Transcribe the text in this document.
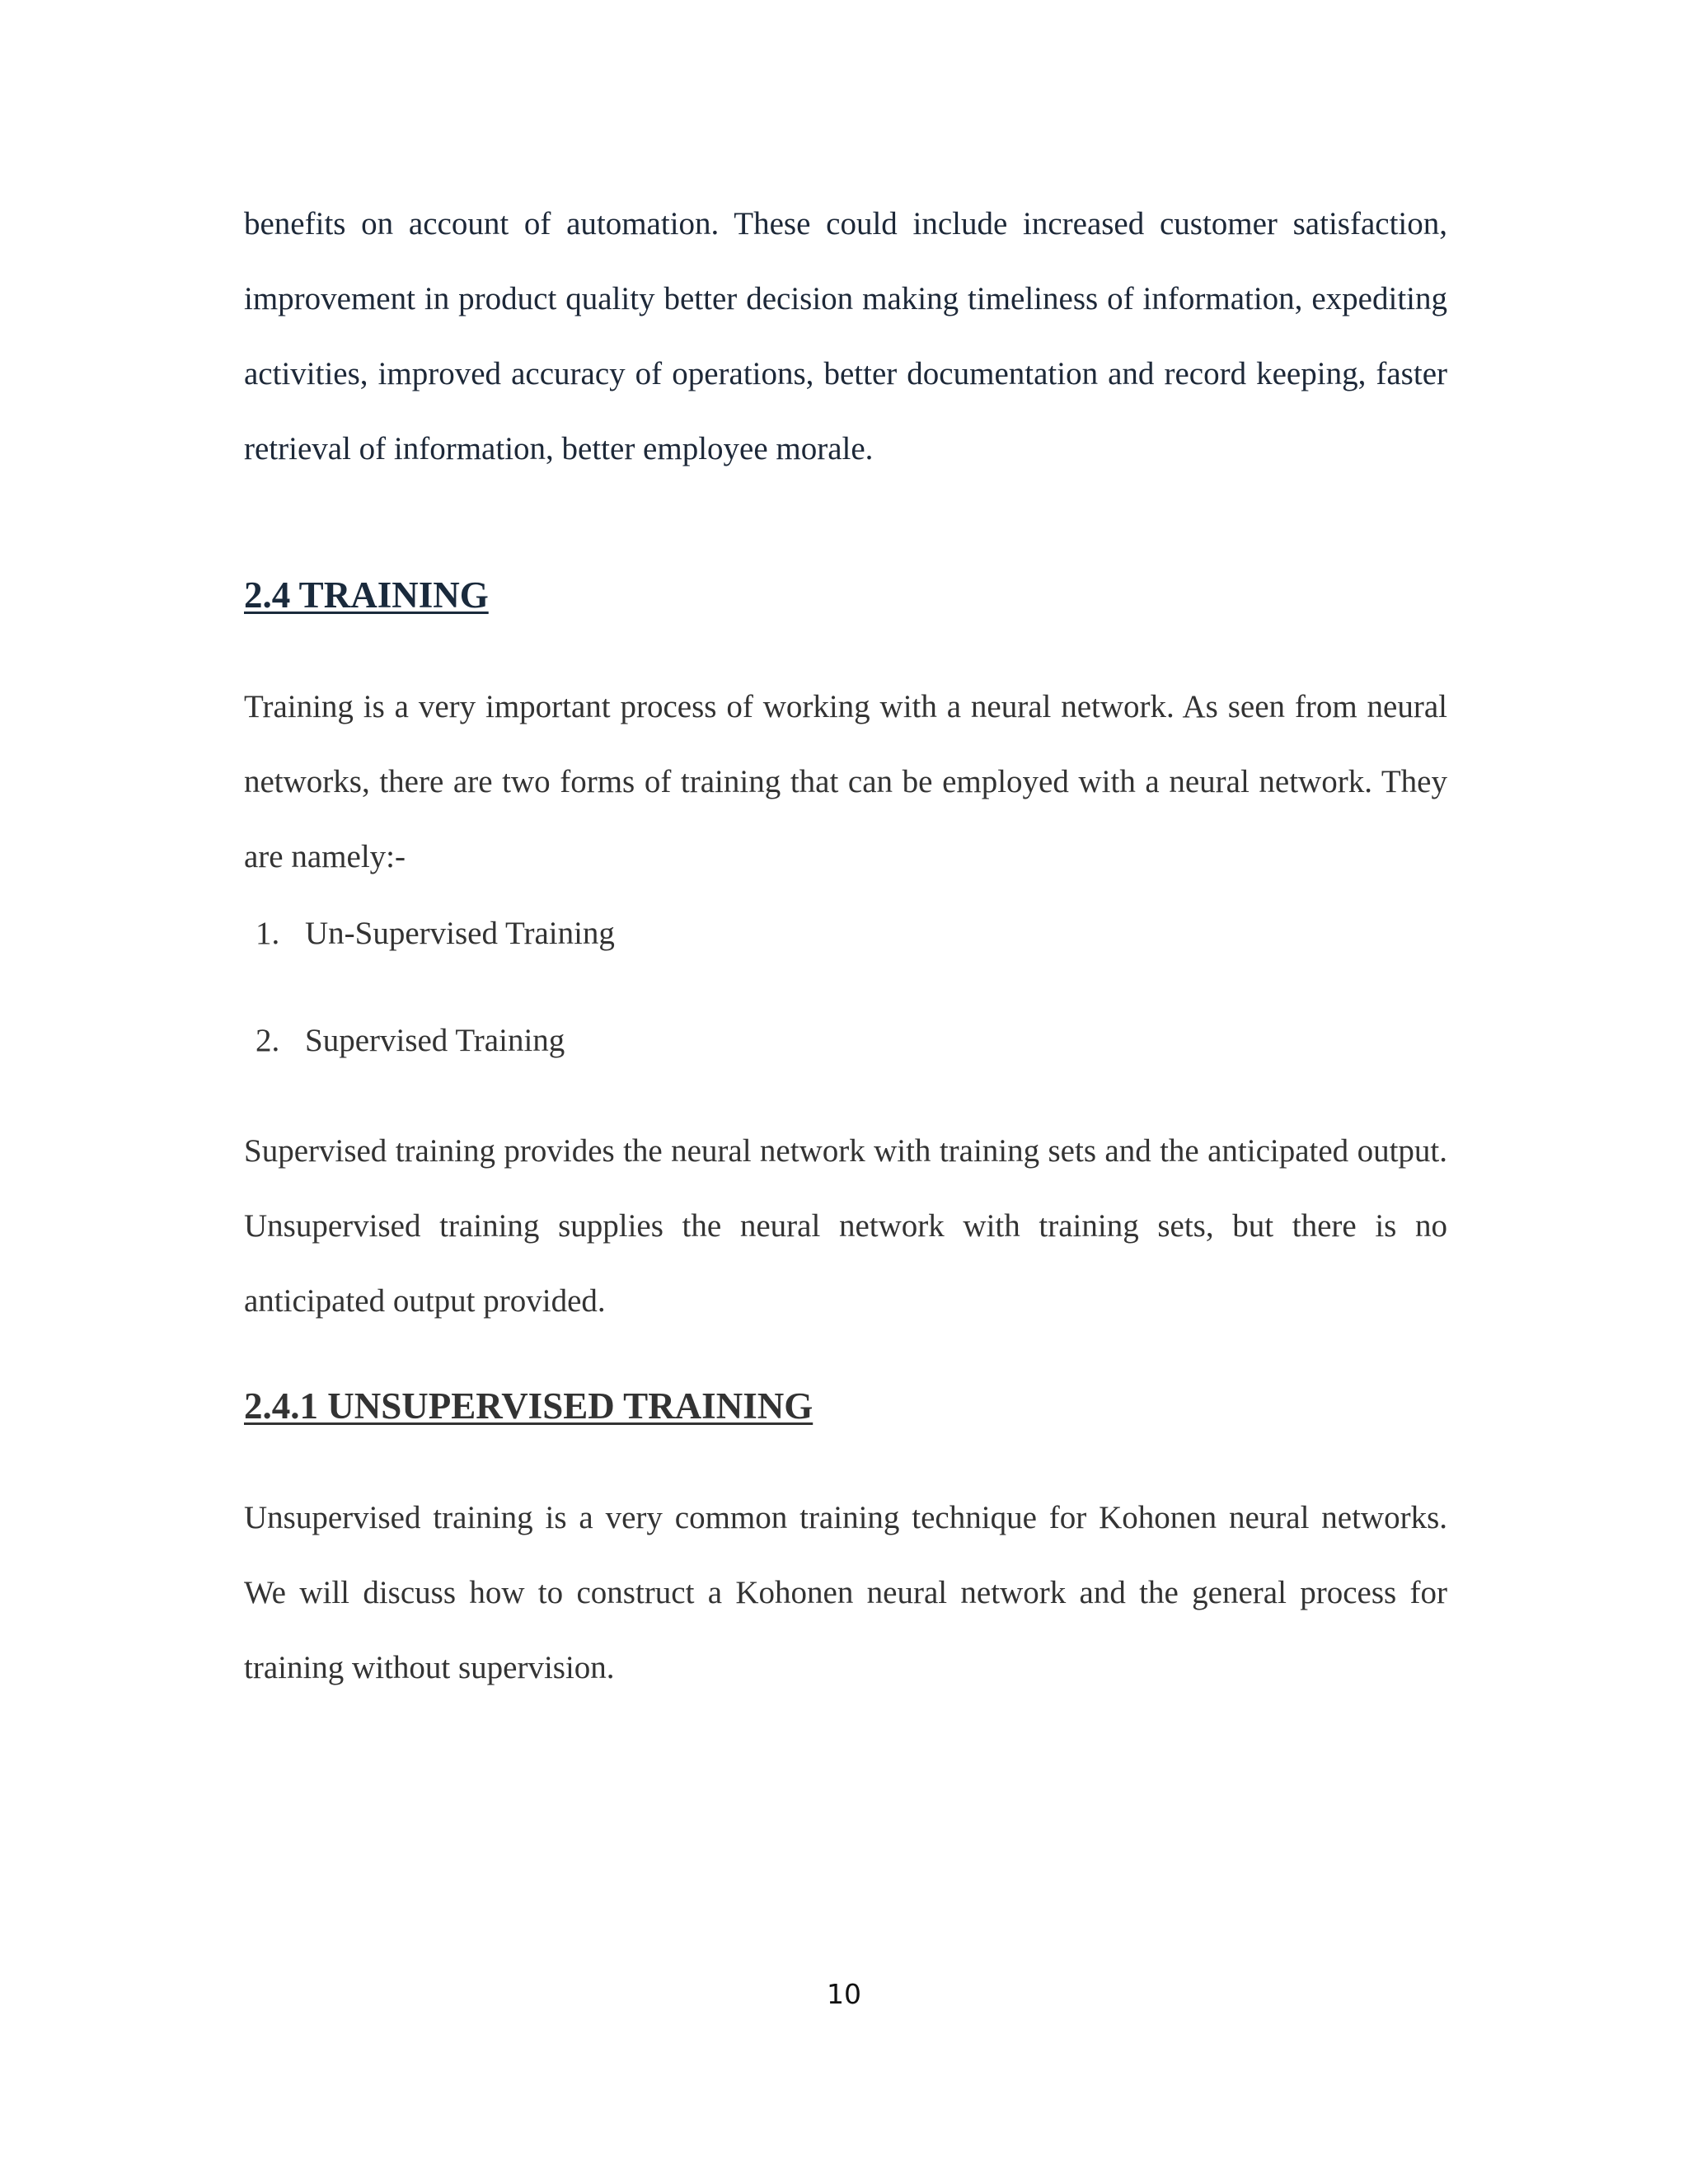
benefits on account of automation. These could include increased customer satisfaction, improvement in product quality better decision making timeliness of information, expediting activities, improved accuracy of operations, better documentation and record keeping, faster retrieval of information, better employee morale.

2.4 TRAINING

Training is a very important process of working with a neural network. As seen from neural networks, there are two forms of training that can be employed with a neural network. They are namely:-

1. Un-Supervised Training
2. Supervised Training

Supervised training provides the neural network with training sets and the anticipated output. Unsupervised training supplies the neural network with training sets, but there is no anticipated output provided.

2.4.1 UNSUPERVISED TRAINING

Unsupervised training is a very common training technique for Kohonen neural networks. We will discuss how to construct a Kohonen neural network and the general process for training without supervision.

10
